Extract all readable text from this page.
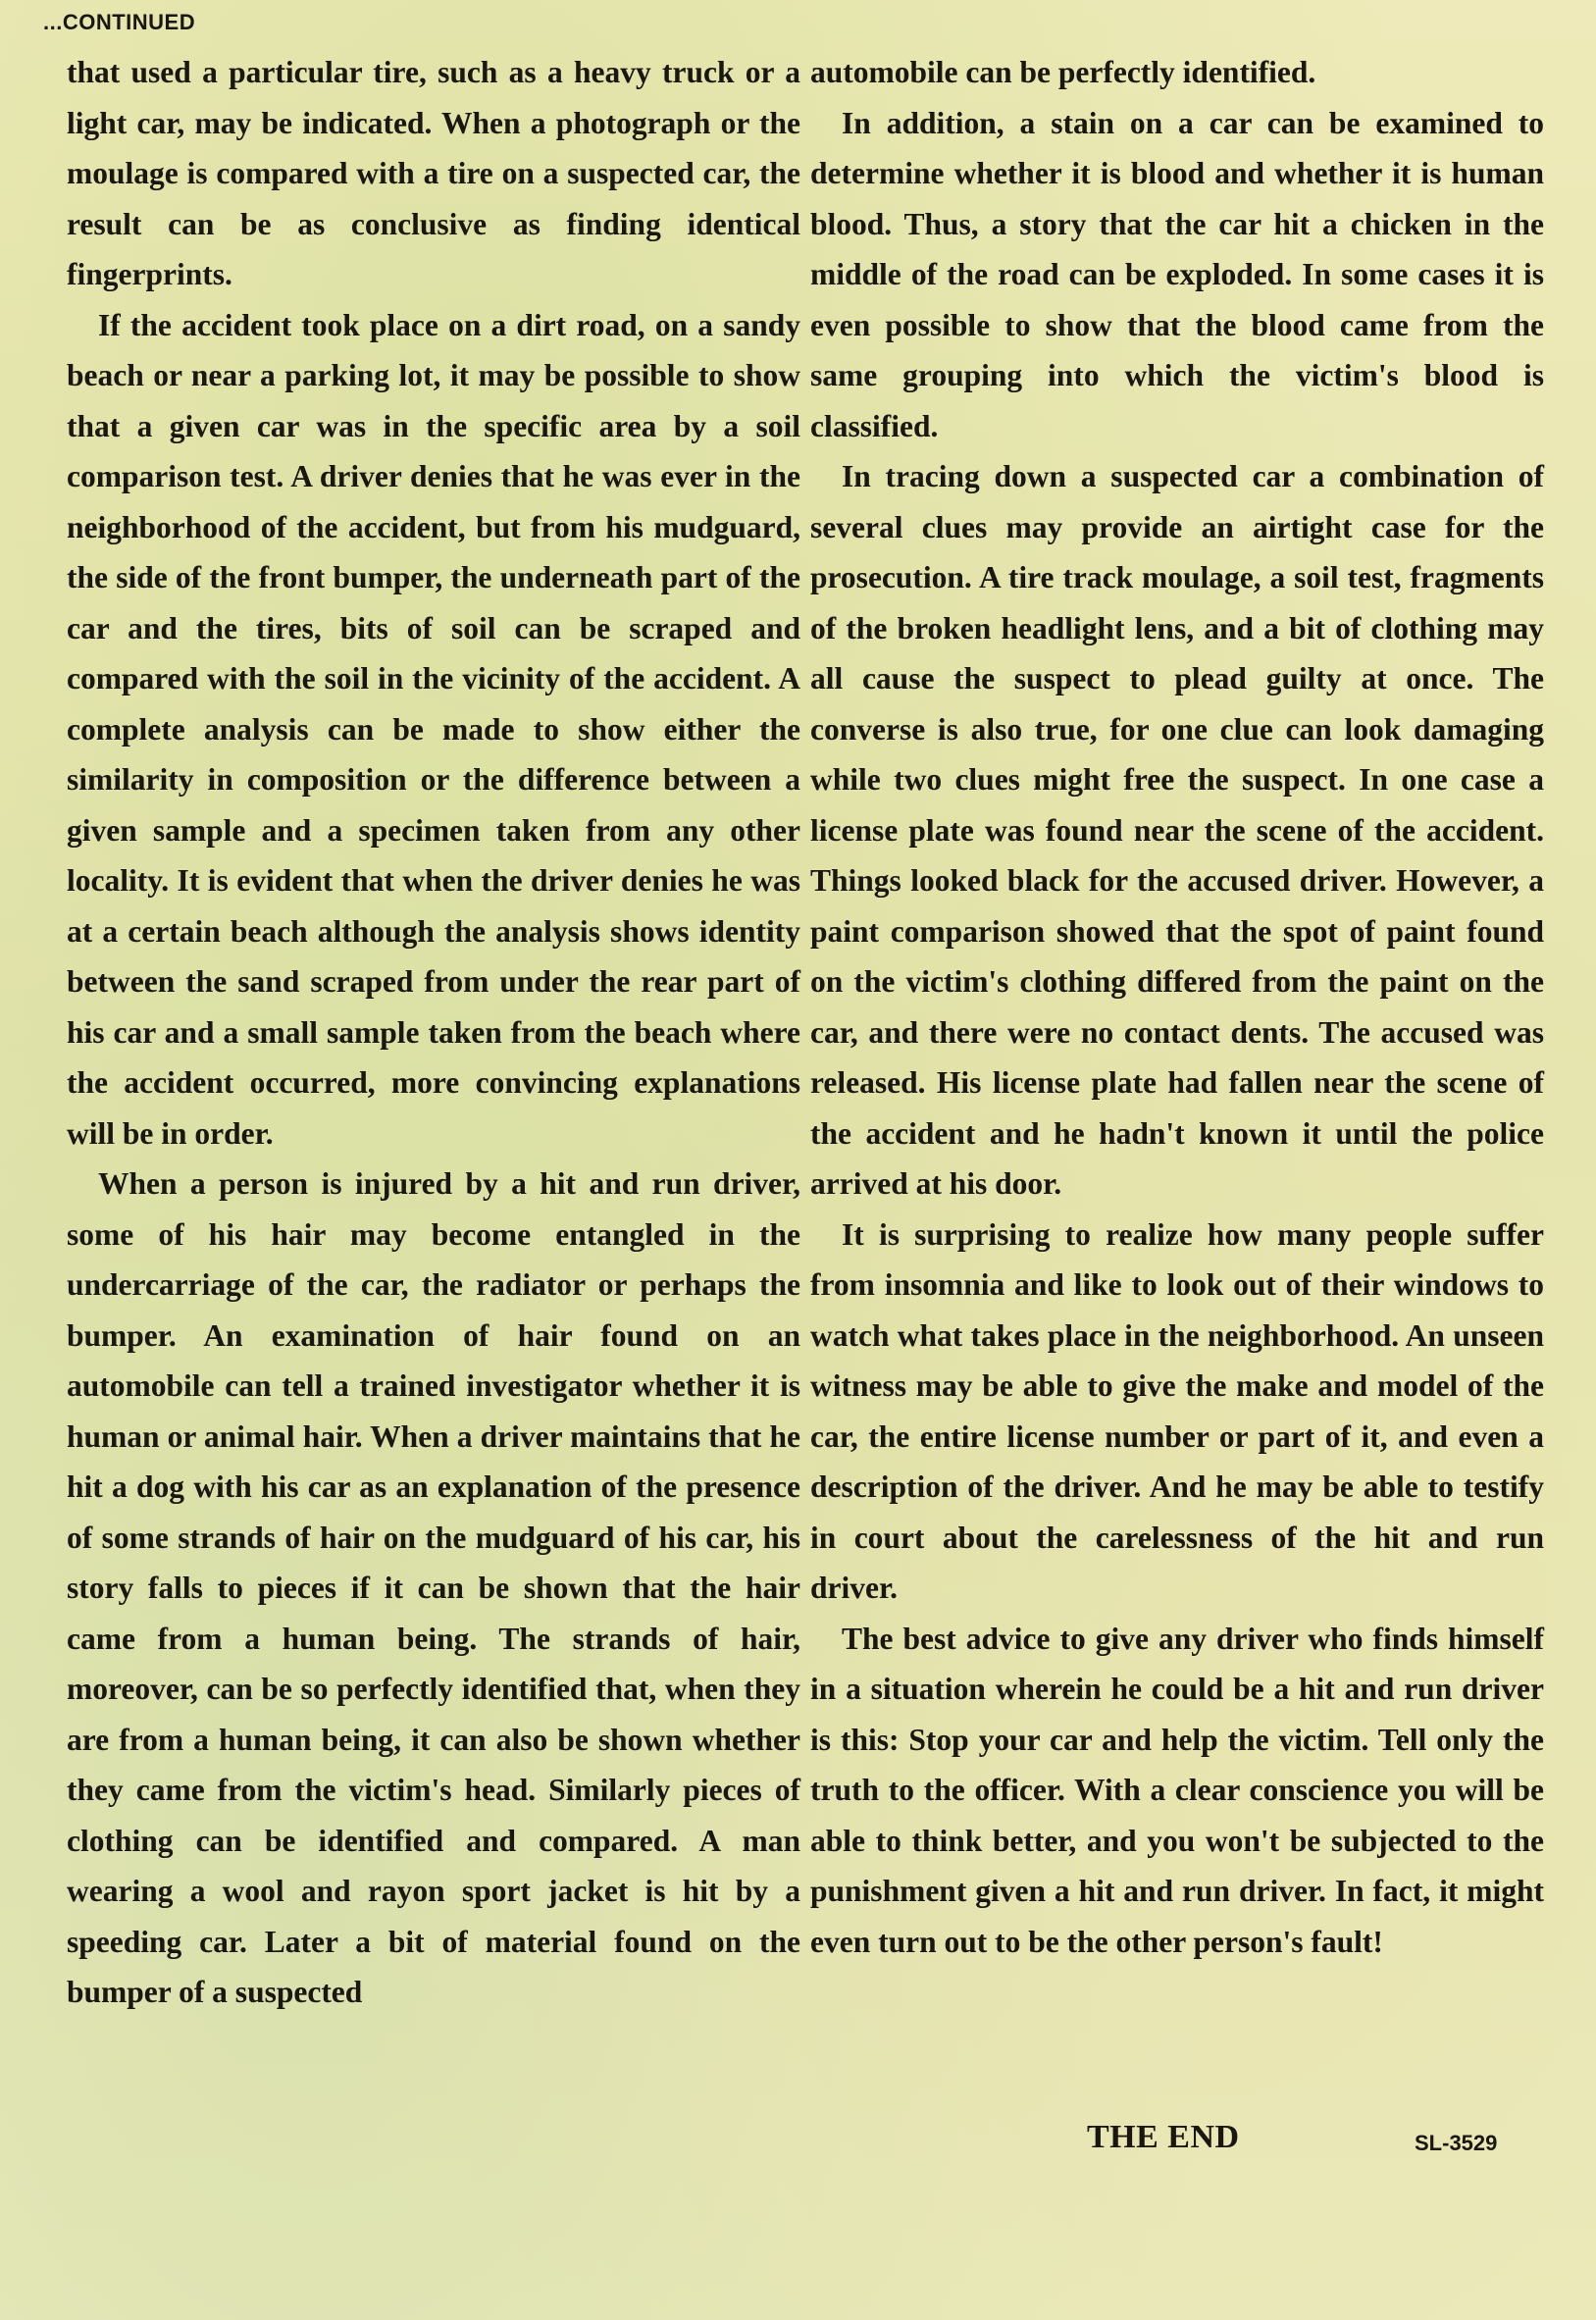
...CONTINUED

that used a particular tire, such as a heavy truck or a light car, may be indicated. When a photograph or the moulage is compared with a tire on a suspected car, the result can be as conclusive as finding identical fingerprints.

If the accident took place on a dirt road, on a sandy beach or near a parking lot, it may be possible to show that a given car was in the specific area by a soil comparison test. A driver denies that he was ever in the neighborhood of the accident, but from his mudguard, the side of the front bumper, the underneath part of the car and the tires, bits of soil can be scraped and compared with the soil in the vicinity of the accident. A complete analysis can be made to show either the similarity in composition or the difference between a given sample and a specimen taken from any other locality. It is evident that when the driver denies he was at a certain beach although the analysis shows identity between the sand scraped from under the rear part of his car and a small sample taken from the beach where the accident occurred, more convincing explanations will be in order.

When a person is injured by a hit and run driver, some of his hair may become entangled in the undercarriage of the car, the radiator or perhaps the bumper. An examination of hair found on an automobile can tell a trained investigator whether it is human or animal hair. When a driver maintains that he hit a dog with his car as an explanation of the presence of some strands of hair on the mudguard of his car, his story falls to pieces if it can be shown that the hair came from a human being. The strands of hair, moreover, can be so perfectly identified that, when they are from a human being, it can also be shown whether they came from the victim's head. Similarly pieces of clothing can be identified and compared. A man wearing a wool and rayon sport jacket is hit by a speeding car. Later a bit of material found on the bumper of a suspected

automobile can be perfectly identified.

In addition, a stain on a car can be examined to determine whether it is blood and whether it is human blood. Thus, a story that the car hit a chicken in the middle of the road can be exploded. In some cases it is even possible to show that the blood came from the same grouping into which the victim's blood is classified.

In tracing down a suspected car a combination of several clues may provide an airtight case for the prosecution. A tire track moulage, a soil test, fragments of the broken headlight lens, and a bit of clothing may all cause the suspect to plead guilty at once. The converse is also true, for one clue can look damaging while two clues might free the suspect. In one case a license plate was found near the scene of the accident. Things looked black for the accused driver. However, a paint comparison showed that the spot of paint found on the victim's clothing differed from the paint on the car, and there were no contact dents. The accused was released. His license plate had fallen near the scene of the accident and he hadn't known it until the police arrived at his door.

It is surprising to realize how many people suffer from insomnia and like to look out of their windows to watch what takes place in the neighborhood. An unseen witness may be able to give the make and model of the car, the entire license number or part of it, and even a description of the driver. And he may be able to testify in court about the carelessness of the hit and run driver.

The best advice to give any driver who finds himself in a situation wherein he could be a hit and run driver is this: Stop your car and help the victim. Tell only the truth to the officer. With a clear conscience you will be able to think better, and you won't be subjected to the punishment given a hit and run driver. In fact, it might even turn out to be the other person's fault!

THE END	SL-3529
